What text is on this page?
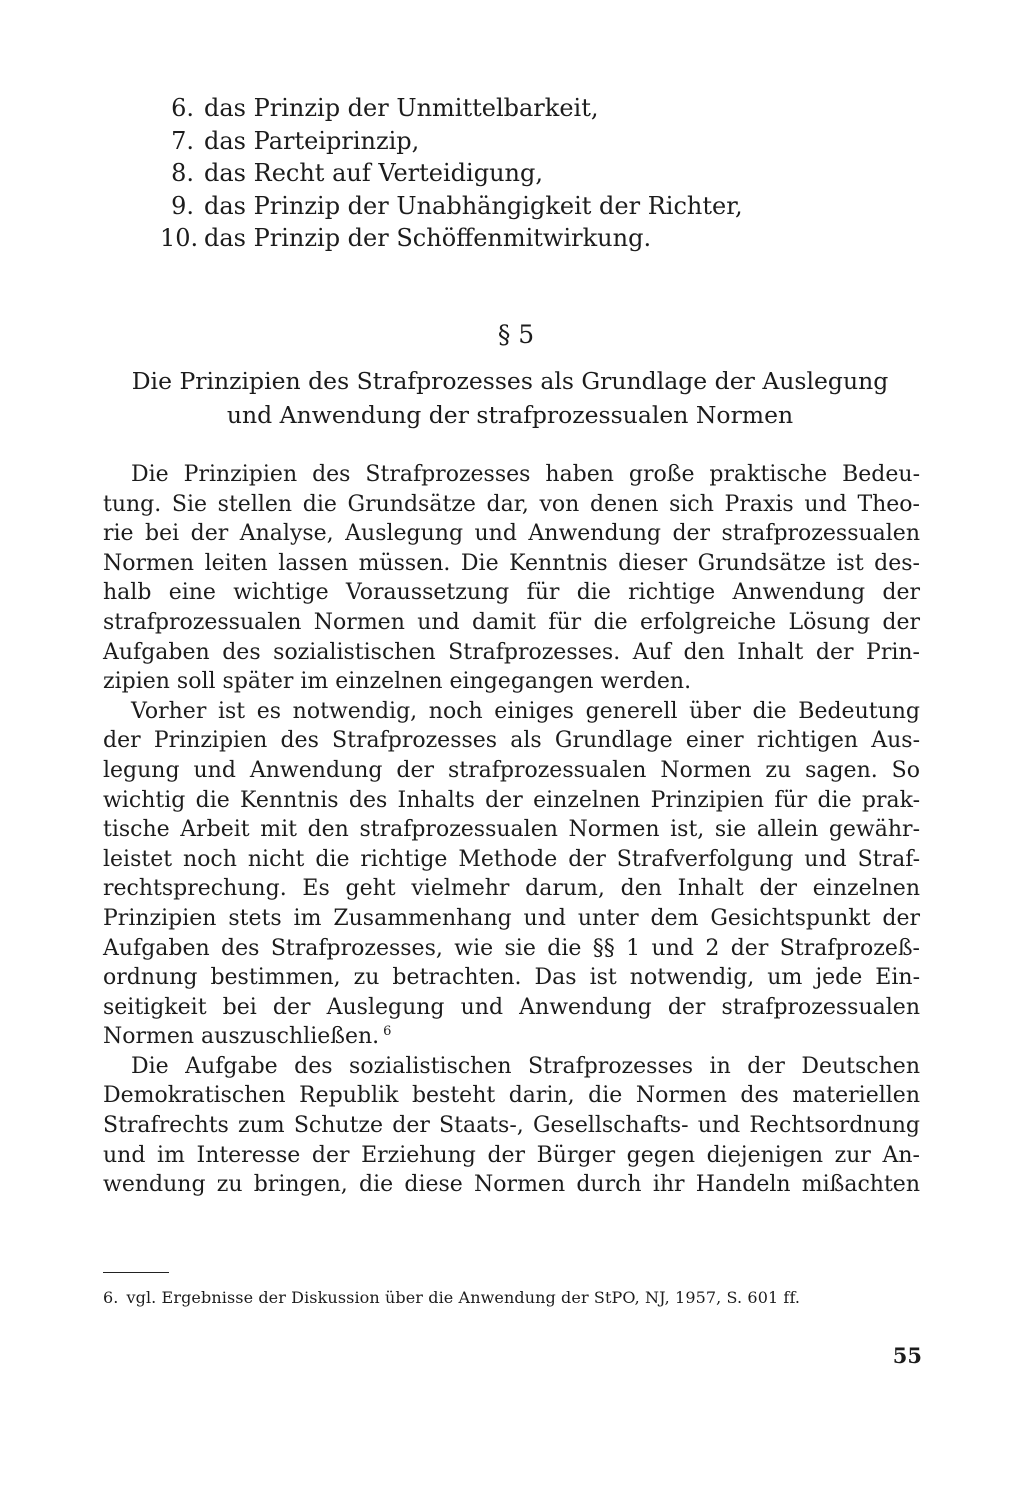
6. das Prinzip der Unmittelbarkeit,
7. das Parteiprinzip,
8. das Recht auf Verteidigung,
9. das Prinzip der Unabhängigkeit der Richter,
10. das Prinzip der Schöffenmitwirkung.
§ 5
Die Prinzipien des Strafprozesses als Grundlage der Auslegung
und Anwendung der strafprozessualen Normen

Die Prinzipien des Strafprozesses haben große praktische Bedeu-
tung. Sie stellen die Grundsätze dar, von denen sich Praxis und Theo-
rie bei der Analyse, Auslegung und Anwendung der strafprozessualen
Normen leiten lassen müssen. Die Kenntnis dieser Grundsätze ist des-
halb eine wichtige Voraussetzung für die richtige Anwendung der
strafprozessualen Normen und damit für die erfolgreiche Lösung der
Aufgaben des sozialistischen Strafprozesses. Auf den Inhalt der Prin-
zipien soll später im einzelnen eingegangen werden.

Vorher ist es notwendig, noch einiges generell über die Bedeutung
der Prinzipien des Strafprozesses als Grundlage einer richtigen Aus-
legung und Anwendung der strafprozessualen Normen zu sagen. So
wichtig die Kenntnis des Inhalts der einzelnen Prinzipien für die prak-
tische Arbeit mit den strafprozessualen Normen ist, sie allein gewähr-
leistet noch nicht die richtige Methode der Strafverfolgung und Straf-
rechtsprechung. Es geht vielmehr darum, den Inhalt der einzelnen
Prinzipien stets im Zusammenhang und unter dem Gesichtspunkt der
Aufgaben des Strafprozesses, wie sie die §§ 1 und 2 der Strafprozeß-
ordnung bestimmen, zu betrachten. Das ist notwendig, um jede Ein-
seitigkeit bei der Auslegung und Anwendung der strafprozessualen
Normen auszuschließen. $^6$

Die Aufgabe des sozialistischen Strafprozesses in der Deutschen
Demokratischen Republik besteht darin, die Normen des materiellen
Strafrechts zum Schutze der Staats-, Gesellschafts- und Rechtsordnung
und im Interesse der Erziehung der Bürger gegen diejenigen zur An-
wendung zu bringen, die diese Normen durch ihr Handeln mißachten

6. vgl. Ergebnisse der Diskussion über die Anwendung der StPO, NJ, 1957, S. 601 ff.
55
